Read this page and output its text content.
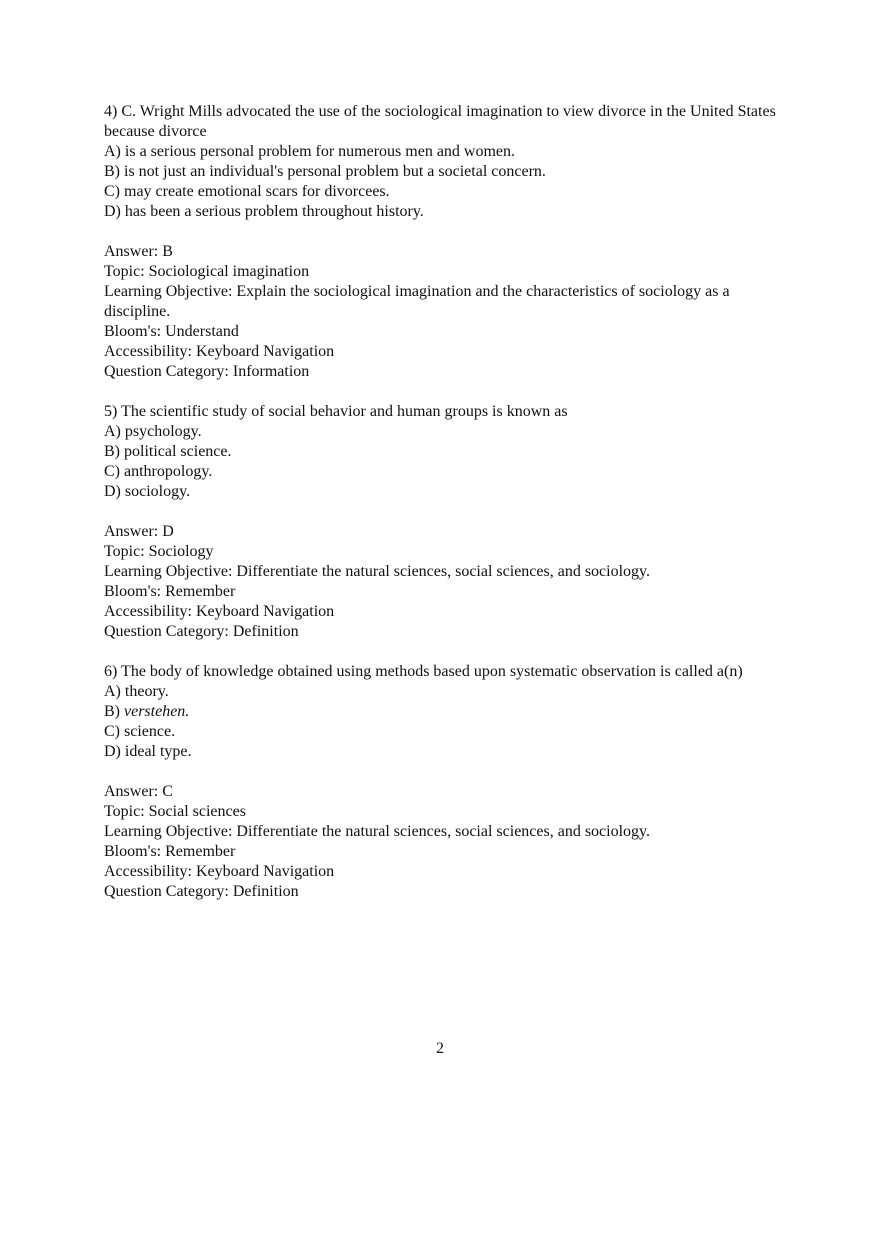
4) C. Wright Mills advocated the use of the sociological imagination to view divorce in the United States because divorce
A) is a serious personal problem for numerous men and women.
B) is not just an individual's personal problem but a societal concern.
C) may create emotional scars for divorcees.
D) has been a serious problem throughout history.
Answer: B
Topic: Sociological imagination
Learning Objective: Explain the sociological imagination and the characteristics of sociology as a discipline.
Bloom's: Understand
Accessibility: Keyboard Navigation
Question Category: Information
5) The scientific study of social behavior and human groups is known as
A) psychology.
B) political science.
C) anthropology.
D) sociology.
Answer: D
Topic: Sociology
Learning Objective: Differentiate the natural sciences, social sciences, and sociology.
Bloom's: Remember
Accessibility: Keyboard Navigation
Question Category: Definition
6) The body of knowledge obtained using methods based upon systematic observation is called a(n)
A) theory.
B) verstehen.
C) science.
D) ideal type.
Answer: C
Topic: Social sciences
Learning Objective: Differentiate the natural sciences, social sciences, and sociology.
Bloom's: Remember
Accessibility: Keyboard Navigation
Question Category: Definition
2
